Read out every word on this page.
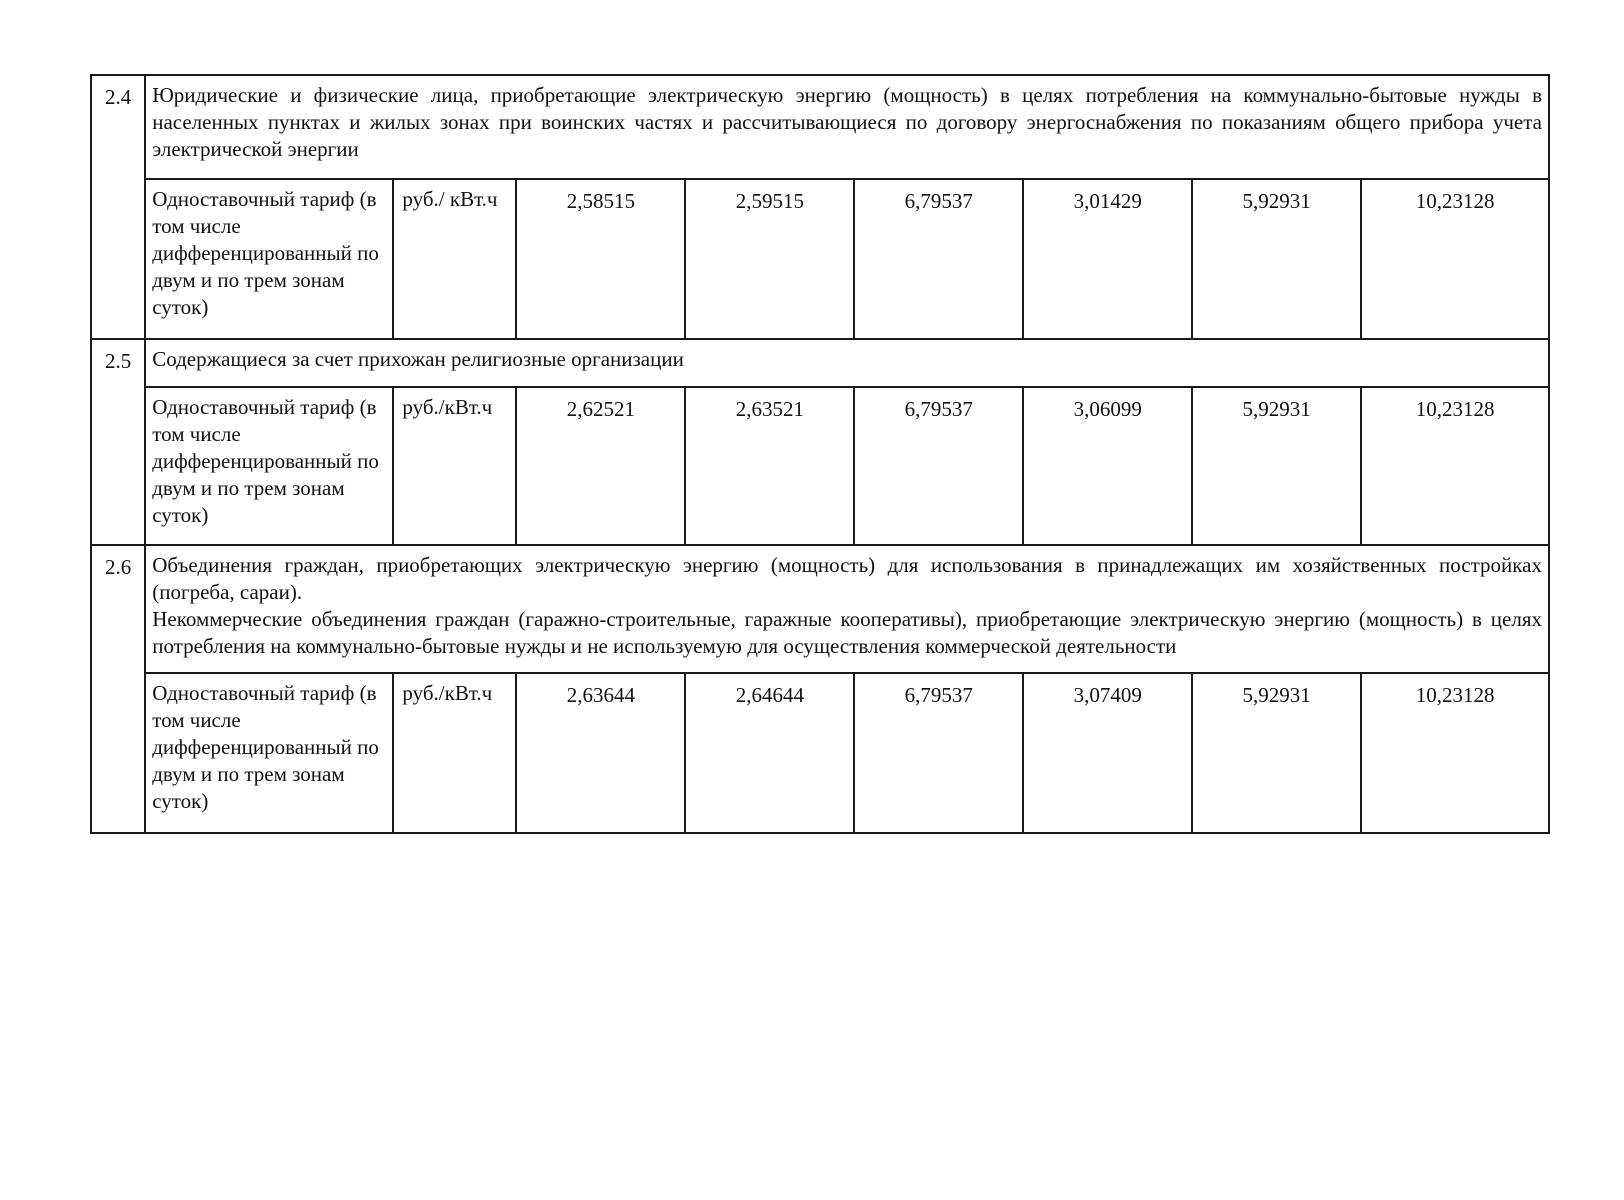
2.4	Юридические и физические лица, приобретающие электрическую энергию (мощность) в целях потребления на коммунально-бытовые нужды в населенных пунктах и жилых зонах при воинских частях и рассчитывающиеся по договору энергоснабжения по показаниям общего прибора учета электрической энергии							

	Одноставочный тариф (в том числе дифференцированный по двум и по трем зонам суток)	руб./ кВт.ч	2,58515	2,59515	6,79537	3,01429	5,92931	10,23128
2.5	Содержащиеся за счет прихожан религиозные организации							

	Одноставочный тариф (в том числе дифференцированный по двум и по трем зонам суток)	руб./кВт.ч	2,62521	2,63521	6,79537	3,06099	5,92931	10,23128
2.6	Объединения граждан, приобретающих электрическую энергию (мощность) для использования в принадлежащих им хозяйственных постройках (погреба, сараи).
Некоммерческие объединения граждан (гаражно-строительные, гаражные кооперативы), приобретающие электрическую энергию (мощность) в целях потребления на коммунально-бытовые нужды и не используемую для осуществления коммерческой деятельности							

	Одноставочный тариф (в том числе дифференцированный по двум и по трем зонам суток)	руб./кВт.ч	2,63644	2,64644	6,79537	3,07409	5,92931	10,23128
